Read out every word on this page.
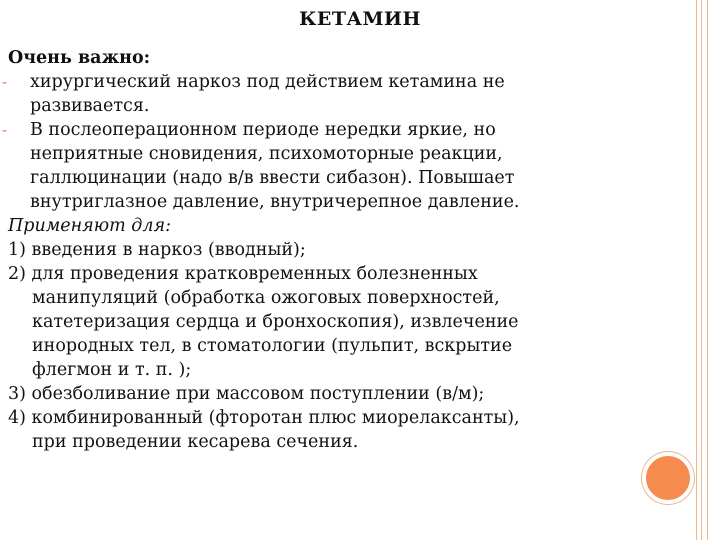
КЕТАМИН
Очень важно:
- хирургический наркоз под действием кетамина не
развивается.
- В послеоперационном периоде нередки яркие, но
неприятные сновидения, психомоторные реакции,
галлюцинации (надо в/в ввести сибазон). Повышает
внутриглазное давление, внутричерепное давление.
Применяют для:
1) введения в наркоз (вводный);
2) для проведения кратковременных болезненных
манипуляций (обработка ожоговых поверхностей,
катетеризация сердца и бронхоскопия), извлечение
инородных тел, в стоматологии (пульпит, вскрытие
флегмон и т. п. );
3) обезболивание при массовом поступлении (в/м);
4) комбинированный (фторотан плюс миорелаксанты),
при проведении кесарева сечения.
